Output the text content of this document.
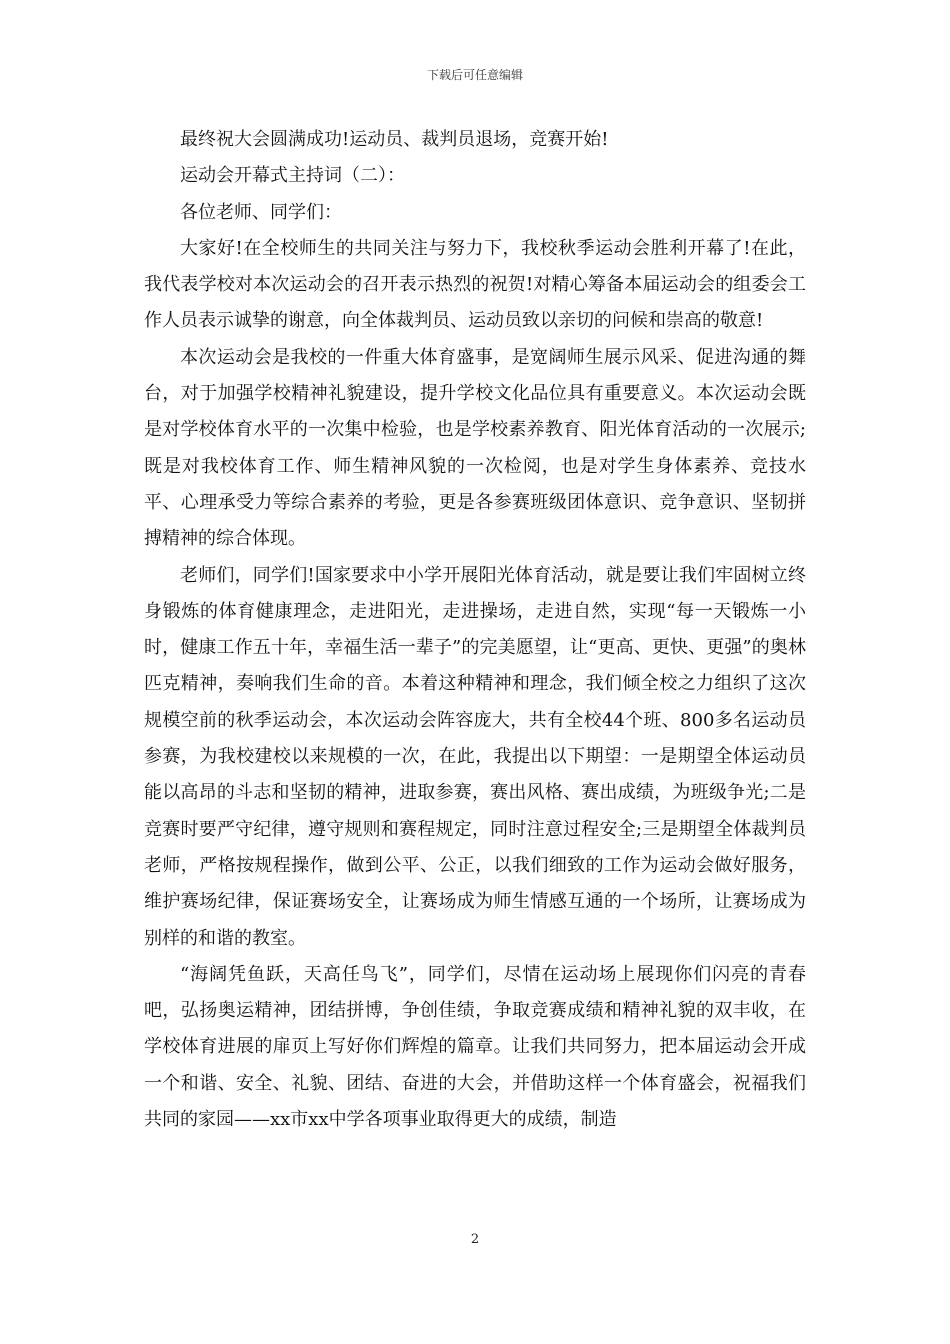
下载后可任意编辑

最终祝大会圆满成功!运动员、裁判员退场，竞赛开始!

运动会开幕式主持词（二）：

各位老师、同学们：

大家好!在全校师生的共同关注与努力下，我校秋季运动会胜利开幕了!在此，我代表学校对本次运动会的召开表示热烈的祝贺!对精心筹备本届运动会的组委会工作人员表示诚挚的谢意，向全体裁判员、运动员致以亲切的问候和崇高的敬意!

本次运动会是我校的一件重大体育盛事，是宽阔师生展示风采、促进沟通的舞台，对于加强学校精神礼貌建设，提升学校文化品位具有重要意义。本次运动会既是对学校体育水平的一次集中检验，也是学校素养教育、阳光体育活动的一次展示;既是对我校体育工作、师生精神风貌的一次检阅，也是对学生身体素养、竞技水平、心理承受力等综合素养的考验，更是各参赛班级团体意识、竞争意识、坚韧拼搏精神的综合体现。

老师们，同学们!国家要求中小学开展阳光体育活动，就是要让我们牢固树立终身锻炼的体育健康理念，走进阳光，走进操场，走进自然，实现“每一天锻炼一小时，健康工作五十年，幸福生活一辈子”的完美愿望，让“更高、更快、更强”的奥林匹克精神，奏响我们生命的音。本着这种精神和理念，我们倾全校之力组织了这次规模空前的秋季运动会，本次运动会阵容庞大，共有全校44个班、800多名运动员参赛，为我校建校以来规模的一次，在此，我提出以下期望：一是期望全体运动员能以高昂的斗志和坚韧的精神，进取参赛，赛出风格、赛出成绩，为班级争光;二是竞赛时要严守纪律，遵守规则和赛程规定，同时注意过程安全;三是期望全体裁判员老师，严格按规程操作，做到公平、公正，以我们细致的工作为运动会做好服务，维护赛场纪律，保证赛场安全，让赛场成为师生情感互通的一个场所，让赛场成为别样的和谐的教室。

“海阔凭鱼跃，天高任鸟飞”，同学们，尽情在运动场上展现你们闪亮的青春吧，弘扬奥运精神，团结拼博，争创佳绩，争取竞赛成绩和精神礼貌的双丰收，在学校体育进展的扉页上写好你们辉煌的篇章。让我们共同努力，把本届运动会开成一个和谐、安全、礼貌、团结、奋进的大会，并借助这样一个体育盛会，祝福我们共同的家园——xx市xx中学各项事业取得更大的成绩，制造

2
